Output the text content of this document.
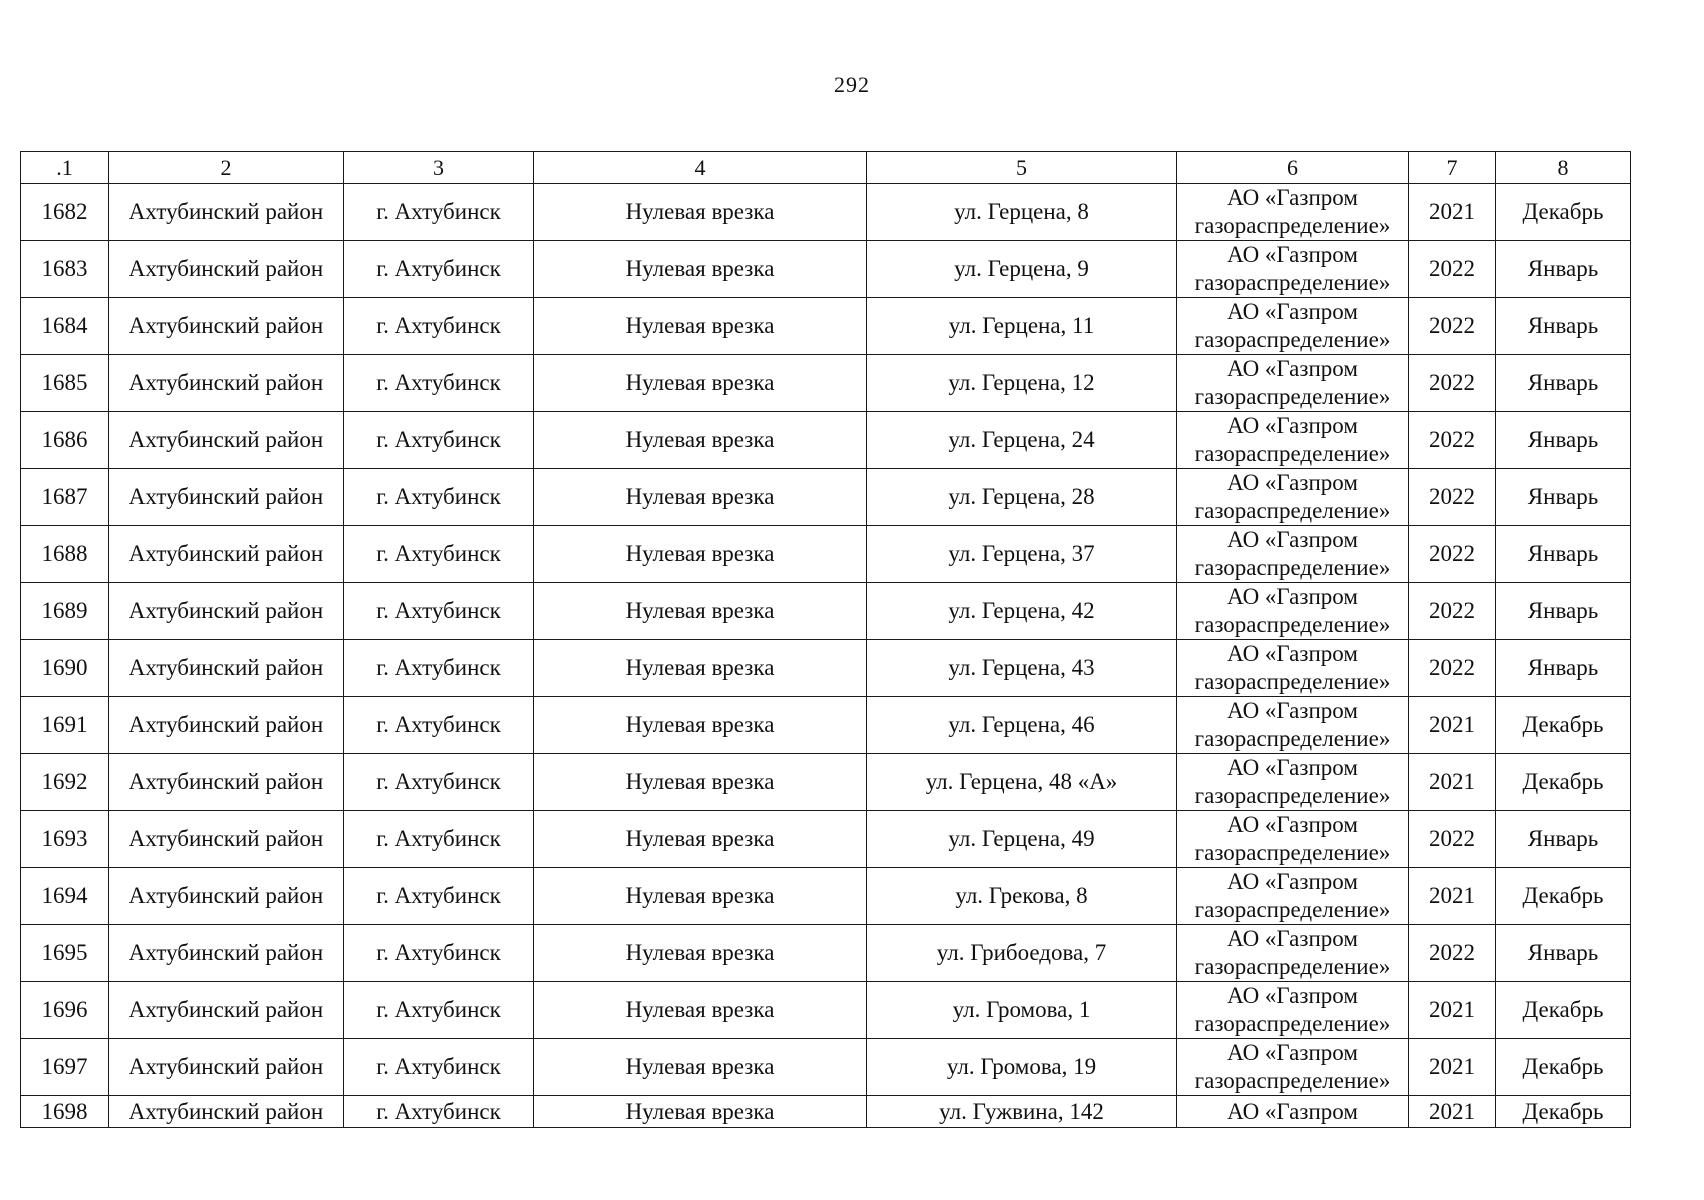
292
.1	2	3	4	5	6	7	8
1682	Ахтубинский район	г. Ахтубинск	Нулевая врезка	ул. Герцена, 8	АО «Газпром
газораспределение»	2021	Декабрь
1683	Ахтубинский район	г. Ахтубинск	Нулевая врезка	ул. Герцена, 9	АО «Газпром
газораспределение»	2022	Январь
1684	Ахтубинский район	г. Ахтубинск	Нулевая врезка	ул. Герцена, 11	АО «Газпром
газораспределение»	2022	Январь
1685	Ахтубинский район	г. Ахтубинск	Нулевая врезка	ул. Герцена, 12	АО «Газпром
газораспределение»	2022	Январь
1686	Ахтубинский район	г. Ахтубинск	Нулевая врезка	ул. Герцена, 24	АО «Газпром
газораспределение»	2022	Январь
1687	Ахтубинский район	г. Ахтубинск	Нулевая врезка	ул. Герцена, 28	АО «Газпром
газораспределение»	2022	Январь
1688	Ахтубинский район	г. Ахтубинск	Нулевая врезка	ул. Герцена, 37	АО «Газпром
газораспределение»	2022	Январь
1689	Ахтубинский район	г. Ахтубинск	Нулевая врезка	ул. Герцена, 42	АО «Газпром
газораспределение»	2022	Январь
1690	Ахтубинский район	г. Ахтубинск	Нулевая врезка	ул. Герцена, 43	АО «Газпром
газораспределение»	2022	Январь
1691	Ахтубинский район	г. Ахтубинск	Нулевая врезка	ул. Герцена, 46	АО «Газпром
газораспределение»	2021	Декабрь
1692	Ахтубинский район	г. Ахтубинск	Нулевая врезка	ул. Герцена, 48 «А»	АО «Газпром
газораспределение»	2021	Декабрь
1693	Ахтубинский район	г. Ахтубинск	Нулевая врезка	ул. Герцена, 49	АО «Газпром
газораспределение»	2022	Январь
1694	Ахтубинский район	г. Ахтубинск	Нулевая врезка	ул. Грекова, 8	АО «Газпром
газораспределение»	2021	Декабрь
1695	Ахтубинский район	г. Ахтубинск	Нулевая врезка	ул. Грибоедова, 7	АО «Газпром
газораспределение»	2022	Январь
1696	Ахтубинский район	г. Ахтубинск	Нулевая врезка	ул. Громова, 1	АО «Газпром
газораспределение»	2021	Декабрь
1697	Ахтубинский район	г. Ахтубинск	Нулевая врезка	ул. Громова, 19	АО «Газпром
газораспределение»	2021	Декабрь
1698	Ахтубинский район	г. Ахтубинск	Нулевая врезка	ул. Гужвина, 142	АО «Газпром	2021	Декабрь
